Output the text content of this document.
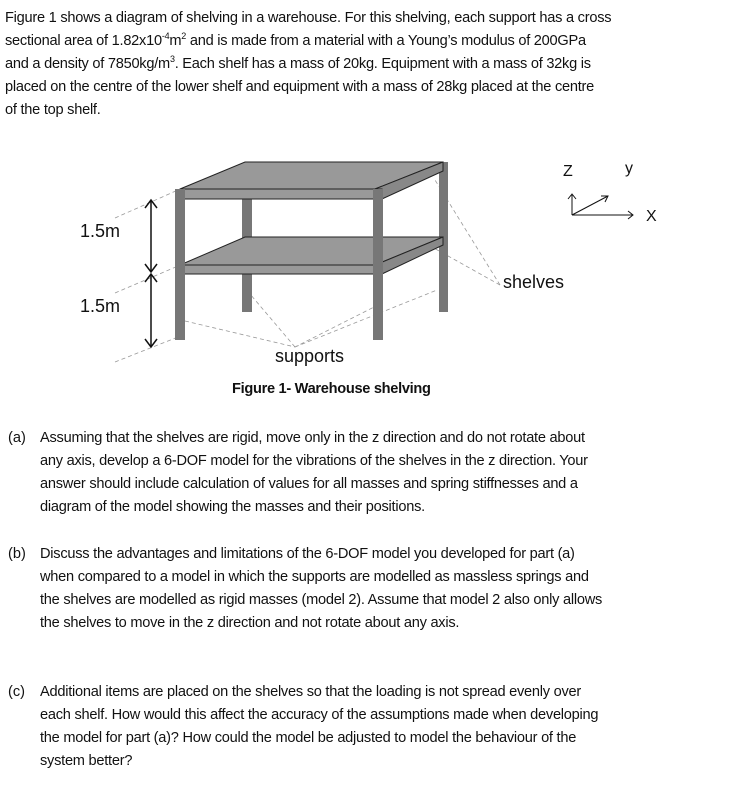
Figure 1 shows a diagram of shelving in a warehouse. For this shelving, each support has a cross
sectional area of $1.82x10^{-4}m^2$ and is made from a material with a Young’s modulus of 200GPa
and a density of $7850kg/m^3$. Each shelf has a mass of 20kg. Equipment with a mass of 32kg is
placed on the centre of the lower shelf and equipment with a mass of 28kg placed at the centre
of the top shelf.
1.5m
1.5m
supports
shelves
Z	y
X
Figure 1- Warehouse shelving
(a) Assuming that the shelves are rigid, move only in the z direction and do not rotate about
any axis, develop a 6-DOF model for the vibrations of the shelves in the z direction. Your
answer should include calculation of values for all masses and spring stiffnesses and a
diagram of the model showing the masses and their positions.
(b) Discuss the advantages and limitations of the 6-DOF model you developed for part (a)
when compared to a model in which the supports are modelled as massless springs and
the shelves are modelled as rigid masses (model 2). Assume that model 2 also only allows
the shelves to move in the z direction and not rotate about any axis.
(c) Additional items are placed on the shelves so that the loading is not spread evenly over
each shelf. How would this affect the accuracy of the assumptions made when developing
the model for part (a)? How could the model be adjusted to model the behaviour of the
system better?
